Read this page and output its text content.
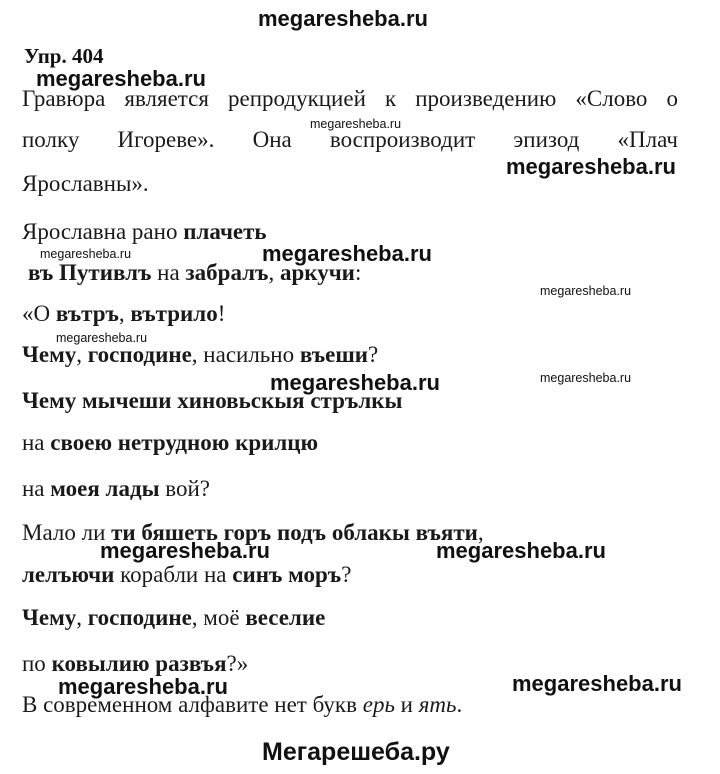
megaresheba.ru
Упр. 404
megaresheba.ru
Гравюра является репродукцией к произведению «Слово о
megaresheba.ru
полку Игореве». Она воспроизводит эпизод «Плач
megaresheba.ru
Ярославны».
Ярославна рано плачеть
megaresheba.ru	megaresheba.ru
въ Путивлъ на забралъ, аркучи:
megaresheba.ru
«О вътръ, вътрило!
megaresheba.ru
Чему, господине, насильно въеши?
megaresheba.ru	megaresheba.ru
Чему мычеши хиновьскыя стрълкы
на своею нетрудною крилцю
на моея лады вой?
Мало ли ти бяшеть горъ подъ облакы въяти,
megaresheba.ru	megaresheba.ru
лелъючи корабли на синъ моръ?
Чему, господине, моё веселие
по ковылию развъя?»
megaresheba.ru	megaresheba.ru
В современном алфавите нет букв ерь и ять.
Мегарешеба.ру
